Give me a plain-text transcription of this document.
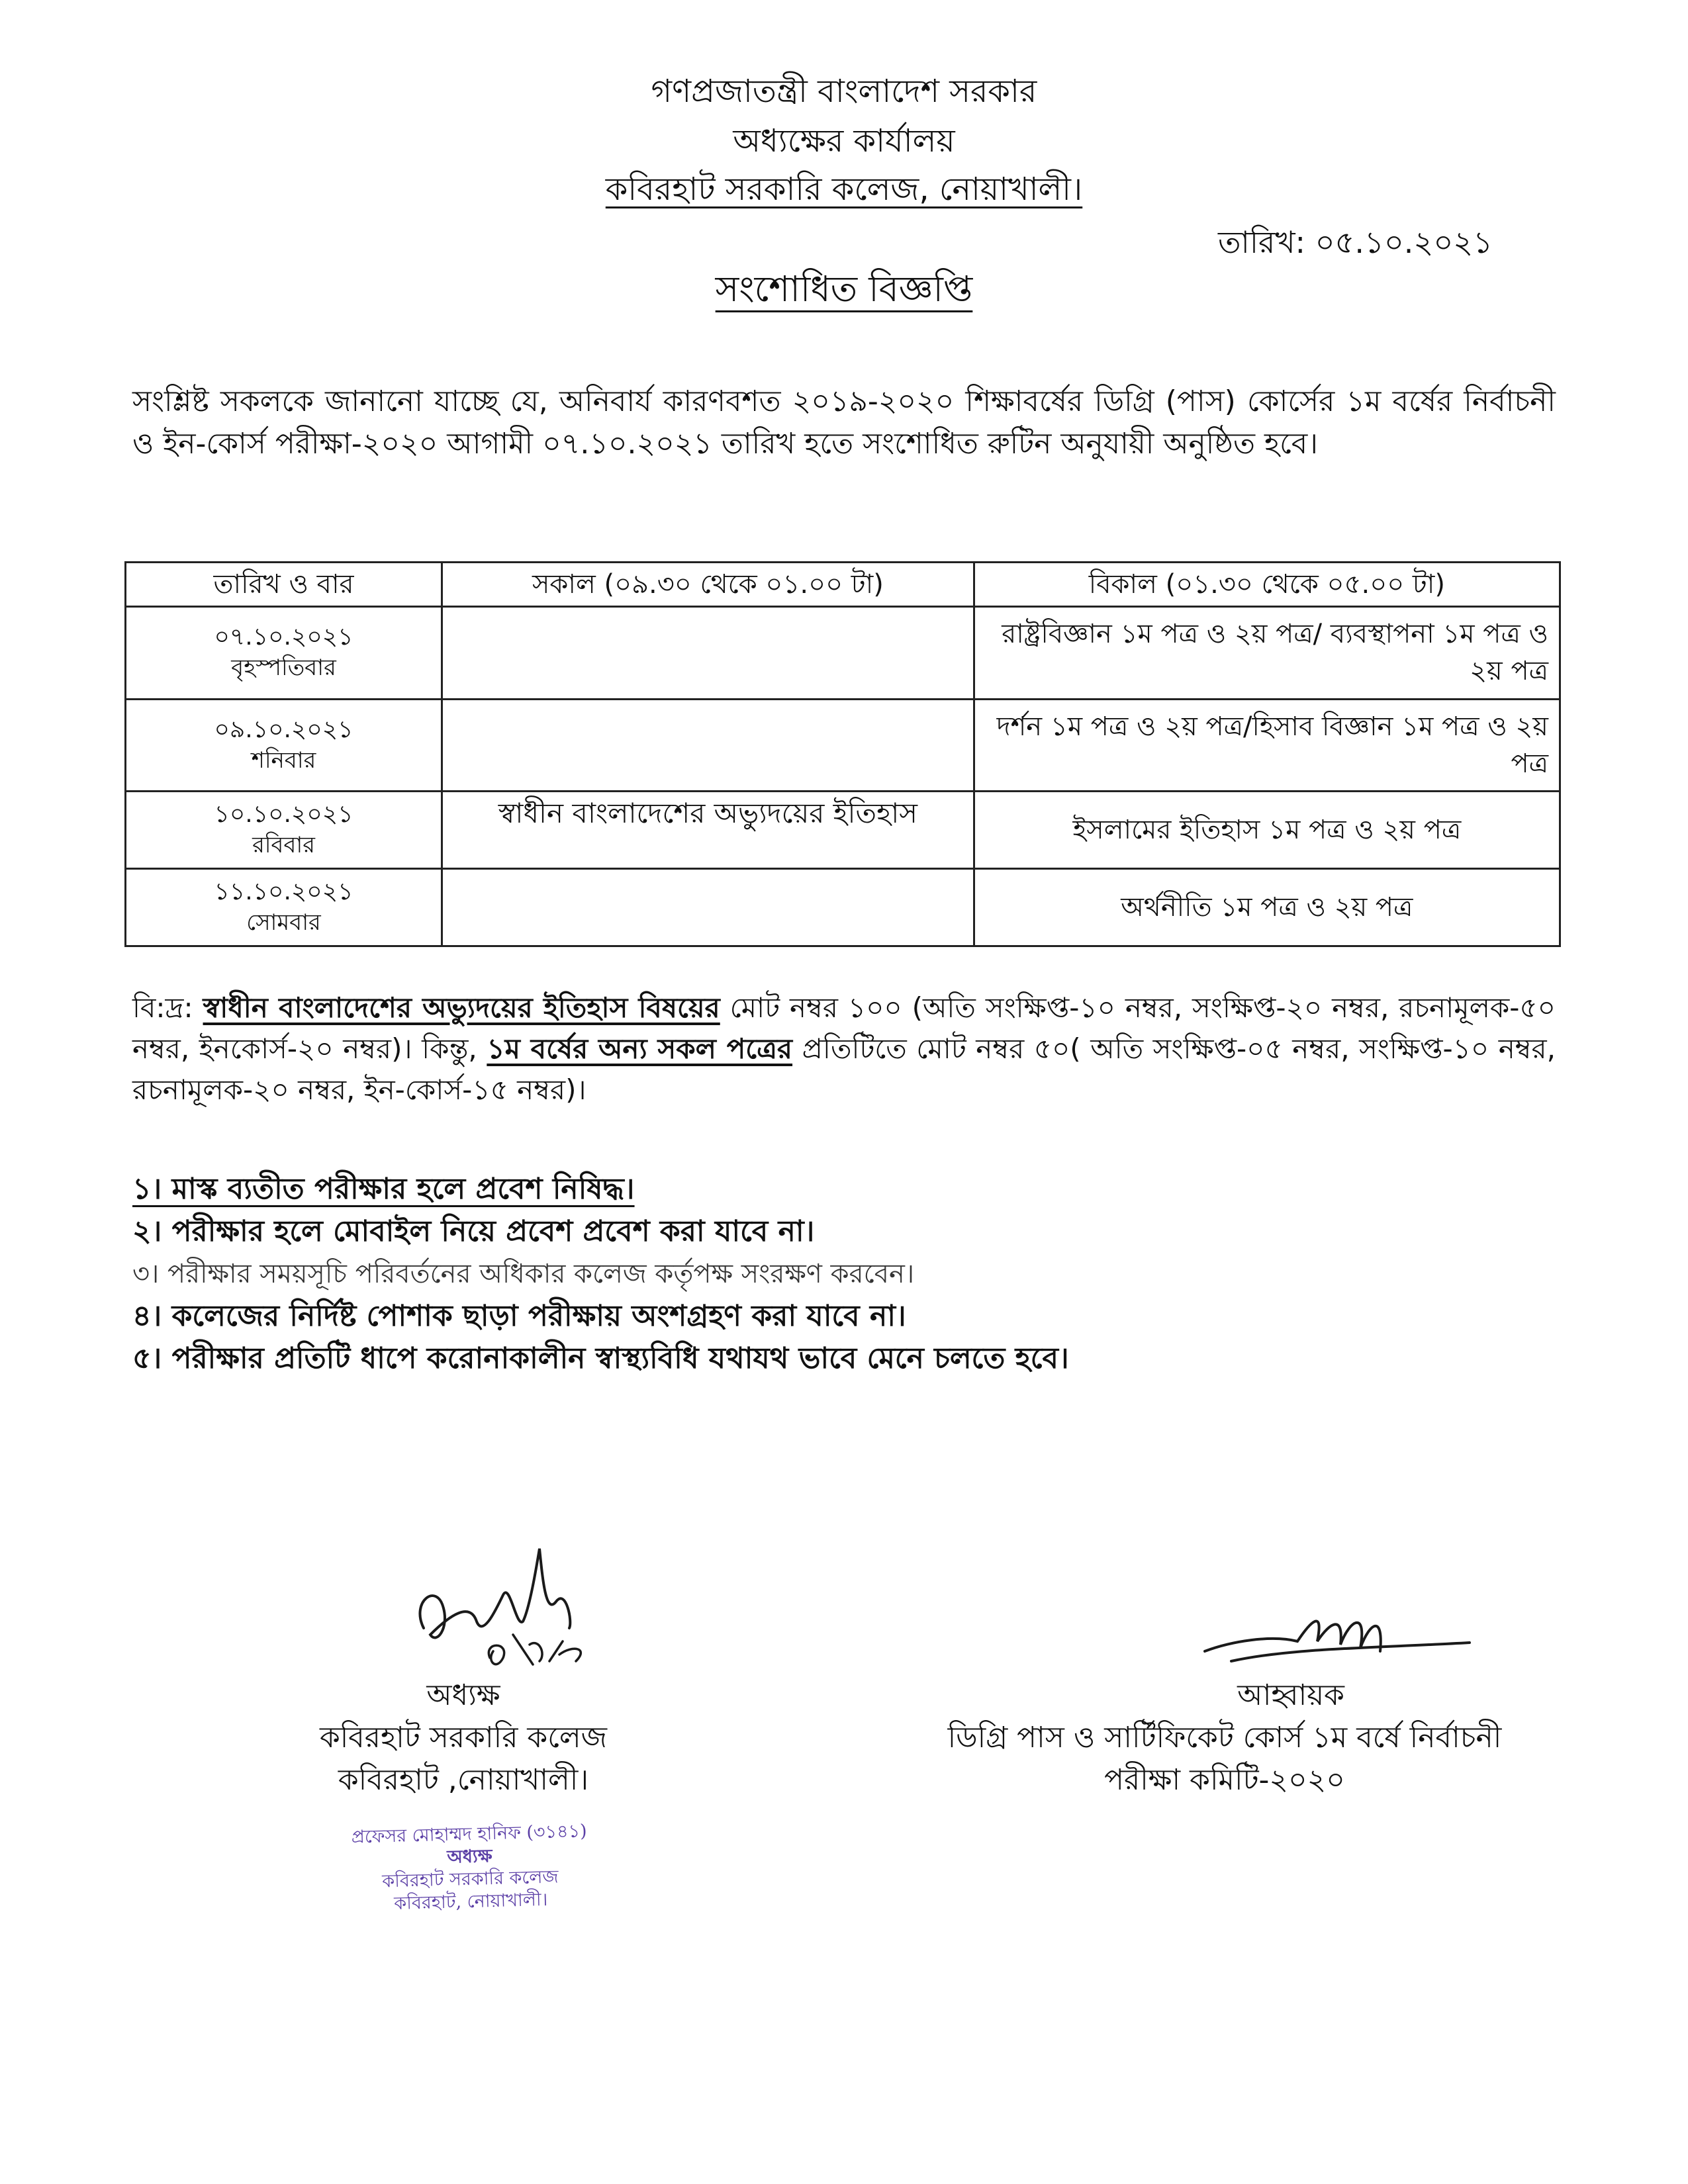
গণপ্রজাতন্ত্রী বাংলাদেশ সরকার
অধ্যক্ষের কার্যালয়
কবিরহাট সরকারি কলেজ, নোয়াখালী।
তারিখ: ০৫.১০.২০২১
সংশোধিত বিজ্ঞপ্তি
সংশ্লিষ্ট সকলকে জানানো যাচ্ছে যে, অনিবার্য কারণবশত ২০১৯-২০২০ শিক্ষাবর্ষের ডিগ্রি (পাস) কোর্সের ১ম বর্ষের নির্বাচনী ও ইন-কোর্স পরীক্ষা-২০২০ আগামী ০৭.১০.২০২১ তারিখ হতে সংশোধিত রুটিন অনুযায়ী অনুষ্ঠিত হবে।
তারিখ ও বার	সকাল (০৯.৩০ থেকে ০১.০০ টা)	বিকাল (০১.৩০ থেকে ০৫.০০ টা)

০৭.১০.২০২১
বৃহস্পতিবার		রাষ্ট্রবিজ্ঞান ১ম পত্র ও ২য় পত্র/ ব্যবস্থাপনা ১ম পত্র ও ২য় পত্র

০৯.১০.২০২১
শনিবার		দর্শন ১ম পত্র ও ২য় পত্র/হিসাব বিজ্ঞান ১ম পত্র ও ২য় পত্র

১০.১০.২০২১
রবিবার	স্বাধীন বাংলাদেশের অভ্যুদয়ের ইতিহাস	ইসলামের ইতিহাস ১ম পত্র ও ২য় পত্র

১১.১০.২০২১
সোমবার		অর্থনীতি ১ম পত্র ও ২য় পত্র
বি:দ্র: স্বাধীন বাংলাদেশের অভ্যুদয়ের ইতিহাস বিষয়ের মোট নম্বর ১০০ (অতি সংক্ষিপ্ত-১০ নম্বর, সংক্ষিপ্ত-২০ নম্বর, রচনামূলক-৫০ নম্বর, ইনকোর্স-২০ নম্বর)। কিন্তু, ১ম বর্ষের অন্য সকল পত্রের প্রতিটিতে মোট নম্বর ৫০( অতি সংক্ষিপ্ত-০৫ নম্বর, সংক্ষিপ্ত-১০ নম্বর, রচনামূলক-২০ নম্বর, ইন-কোর্স-১৫ নম্বর)।
১। মাস্ক ব্যতীত পরীক্ষার হলে প্রবেশ নিষিদ্ধ।
২। পরীক্ষার হলে মোবাইল নিয়ে প্রবেশ প্রবেশ করা যাবে না।
৩। পরীক্ষার সময়সূচি পরিবর্তনের অধিকার কলেজ কর্তৃপক্ষ সংরক্ষণ করবেন।
৪। কলেজের নির্দিষ্ট পোশাক ছাড়া পরীক্ষায় অংশগ্রহণ করা যাবে না।
৫। পরীক্ষার প্রতিটি ধাপে করোনাকালীন স্বাস্থ্যবিধি যথাযথ ভাবে মেনে চলতে হবে।
অধ্যক্ষ
কবিরহাট সরকারি কলেজ
কবিরহাট ,নোয়াখালী।
প্রফেসর মোহাম্মদ হানিফ (৩১৪১)
অধ্যক্ষ
কবিরহাট সরকারি কলেজ
কবিরহাট, নোয়াখালী।
আহ্বায়ক
ডিগ্রি পাস ও সার্টিফিকেট কোর্স ১ম বর্ষে নির্বাচনী
পরীক্ষা কমিটি-২০২০
